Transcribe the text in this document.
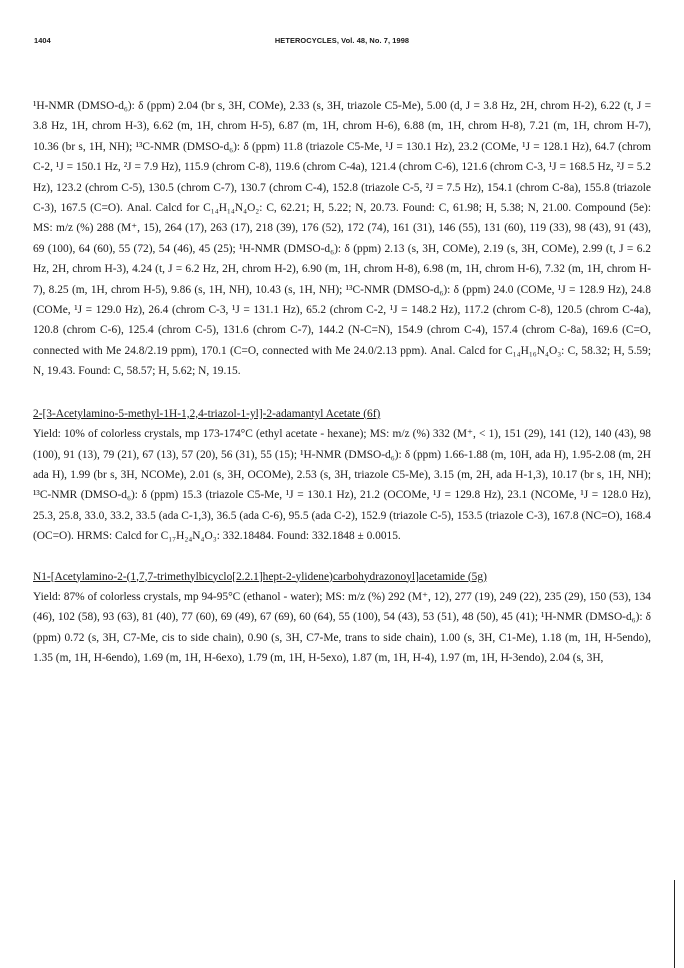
1404	HETEROCYCLES, Vol. 48, No. 7, 1998

¹H-NMR (DMSO-d₆): δ (ppm) 2.04 (br s, 3H, COMe), 2.33 (s, 3H, triazole C5-Me), 5.00 (d, J = 3.8 Hz, 2H, chrom H-2), 6.22 (t, J = 3.8 Hz, 1H, chrom H-3), 6.62 (m, 1H, chrom H-5), 6.87 (m, 1H, chrom H-6), 6.88 (m, 1H, chrom H-8), 7.21 (m, 1H, chrom H-7), 10.36 (br s, 1H, NH); ¹³C-NMR (DMSO-d₆): δ (ppm) 11.8 (triazole C5-Me, ¹J = 130.1 Hz), 23.2 (COMe, ¹J = 128.1 Hz), 64.7 (chrom C-2, ¹J = 150.1 Hz, ²J = 7.9 Hz), 115.9 (chrom C-8), 119.6 (chrom C-4a), 121.4 (chrom C-6), 121.6 (chrom C-3, ¹J = 168.5 Hz, ²J = 5.2 Hz), 123.2 (chrom C-5), 130.5 (chrom C-7), 130.7 (chrom C-4), 152.8 (triazole C-5, ²J = 7.5 Hz), 154.1 (chrom C-8a), 155.8 (triazole C-3), 167.5 (C=O). Anal. Calcd for C₁₄H₁₄N₄O₂: C, 62.21; H, 5.22; N, 20.73. Found: C, 61.98; H, 5.38; N, 21.00. Compound (5e): MS: m/z (%) 288 (M⁺, 15), 264 (17), 263 (17), 218 (39), 176 (52), 172 (74), 161 (31), 146 (55), 131 (60), 119 (33), 98 (43), 91 (43), 69 (100), 64 (60), 55 (72), 54 (46), 45 (25); ¹H-NMR (DMSO-d₆): δ (ppm) 2.13 (s, 3H, COMe), 2.19 (s, 3H, COMe), 2.99 (t, J = 6.2 Hz, 2H, chrom H-3), 4.24 (t, J = 6.2 Hz, 2H, chrom H-2), 6.90 (m, 1H, chrom H-8), 6.98 (m, 1H, chrom H-6), 7.32 (m, 1H, chrom H-7), 8.25 (m, 1H, chrom H-5), 9.86 (s, 1H, NH), 10.43 (s, 1H, NH); ¹³C-NMR (DMSO-d₆): δ (ppm) 24.0 (COMe, ¹J = 128.9 Hz), 24.8 (COMe, ¹J = 129.0 Hz), 26.4 (chrom C-3, ¹J = 131.1 Hz), 65.2 (chrom C-2, ¹J = 148.2 Hz), 117.2 (chrom C-8), 120.5 (chrom C-4a), 120.8 (chrom C-6), 125.4 (chrom C-5), 131.6 (chrom C-7), 144.2 (N-C=N), 154.9 (chrom C-4), 157.4 (chrom C-8a), 169.6 (C=O, connected with Me 24.8/2.19 ppm), 170.1 (C=O, connected with Me 24.0/2.13 ppm). Anal. Calcd for C₁₄H₁₆N₄O₃: C, 58.32; H, 5.59; N, 19.43. Found: C, 58.57; H, 5.62; N, 19.15.

2-[3-Acetylamino-5-methyl-1H-1,2,4-triazol-1-yl]-2-adamantyl Acetate (6f)

Yield: 10% of colorless crystals, mp 173-174°C (ethyl acetate - hexane); MS: m/z (%) 332 (M⁺, < 1), 151 (29), 141 (12), 140 (43), 98 (100), 91 (13), 79 (21), 67 (13), 57 (20), 56 (31), 55 (15); ¹H-NMR (DMSO-d₆): δ (ppm) 1.66-1.88 (m, 10H, ada H), 1.95-2.08 (m, 2H ada H), 1.99 (br s, 3H, NCOMe), 2.01 (s, 3H, OCOMe), 2.53 (s, 3H, triazole C5-Me), 3.15 (m, 2H, ada H-1,3), 10.17 (br s, 1H, NH); ¹³C-NMR (DMSO-d₆): δ (ppm) 15.3 (triazole C5-Me, ¹J = 130.1 Hz), 21.2 (OCOMe, ¹J = 129.8 Hz), 23.1 (NCOMe, ¹J = 128.0 Hz), 25.3, 25.8, 33.0, 33.2, 33.5 (ada C-1,3), 36.5 (ada C-6), 95.5 (ada C-2), 152.9 (triazole C-5), 153.5 (triazole C-3), 167.8 (NC=O), 168.4 (OC=O). HRMS: Calcd for C₁₇H₂₄N₄O₃: 332.18484. Found: 332.1848 ± 0.0015.

N1-[Acetylamino-2-(1,7,7-trimethylbicyclo[2.2.1]hept-2-ylidene)carbohydrazonoyl]acetamide (5g)

Yield: 87% of colorless crystals, mp 94-95°C (ethanol - water); MS: m/z (%) 292 (M⁺, 12), 277 (19), 249 (22), 235 (29), 150 (53), 134 (46), 102 (58), 93 (63), 81 (40), 77 (60), 69 (49), 67 (69), 60 (64), 55 (100), 54 (43), 53 (51), 48 (50), 45 (41); ¹H-NMR (DMSO-d₆): δ (ppm) 0.72 (s, 3H, C7-Me, cis to side chain), 0.90 (s, 3H, C7-Me, trans to side chain), 1.00 (s, 3H, C1-Me), 1.18 (m, 1H, H-5endo), 1.35 (m, 1H, H-6endo), 1.69 (m, 1H, H-6exo), 1.79 (m, 1H, H-5exo), 1.87 (m, 1H, H-4), 1.97 (m, 1H, H-3endo), 2.04 (s, 3H,
